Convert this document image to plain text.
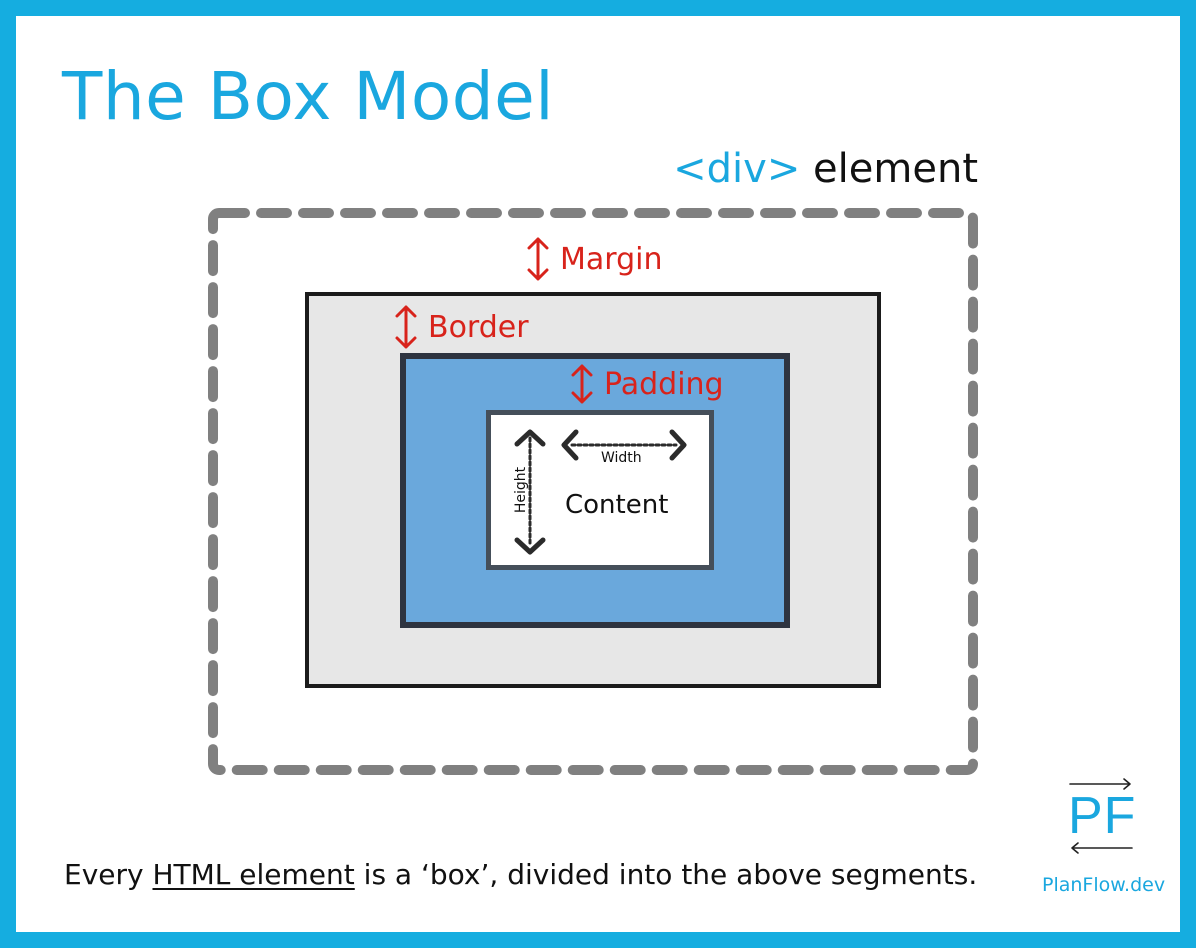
The Box Model
<div> element
Margin
Border
Padding
Width
Height Content
Every HTML element is a ‘box’, divided into the above segments.
PF
PlanFlow.dev
